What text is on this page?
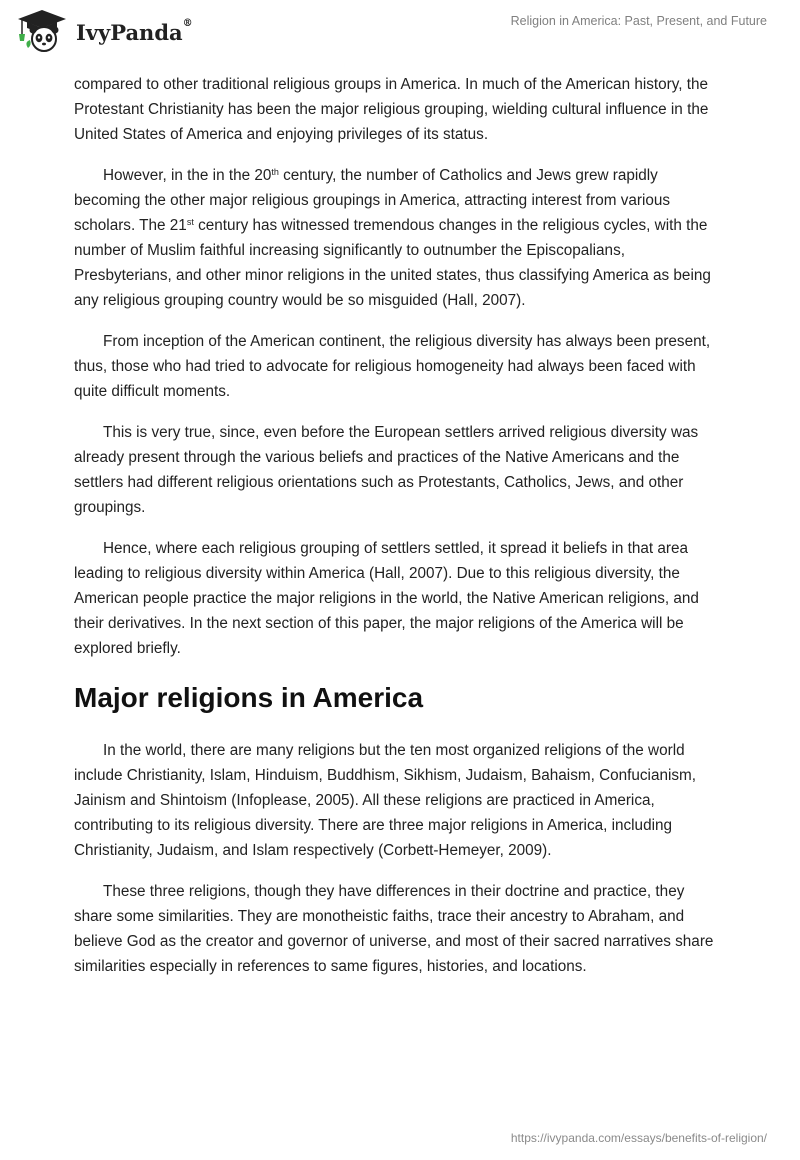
IvyPanda®	Religion in America: Past, Present, and Future

compared to other traditional religious groups in America. In much of the American history, the Protestant Christianity has been the major religious grouping, wielding cultural influence in the United States of America and enjoying privileges of its status.

However, in the in the 20th century, the number of Catholics and Jews grew rapidly becoming the other major religious groupings in America, attracting interest from various scholars. The 21st century has witnessed tremendous changes in the religious cycles, with the number of Muslim faithful increasing significantly to outnumber the Episcopalians, Presbyterians, and other minor religions in the united states, thus classifying America as being any religious grouping country would be so misguided (Hall, 2007).

From inception of the American continent, the religious diversity has always been present, thus, those who had tried to advocate for religious homogeneity had always been faced with quite difficult moments.

This is very true, since, even before the European settlers arrived religious diversity was already present through the various beliefs and practices of the Native Americans and the settlers had different religious orientations such as Protestants, Catholics, Jews, and other groupings.

Hence, where each religious grouping of settlers settled, it spread it beliefs in that area leading to religious diversity within America (Hall, 2007). Due to this religious diversity, the American people practice the major religions in the world, the Native American religions, and their derivatives. In the next section of this paper, the major religions of the America will be explored briefly.

Major religions in America

In the world, there are many religions but the ten most organized religions of the world include Christianity, Islam, Hinduism, Buddhism, Sikhism, Judaism, Bahaism, Confucianism, Jainism and Shintoism (Infoplease, 2005). All these religions are practiced in America, contributing to its religious diversity. There are three major religions in America, including Christianity, Judaism, and Islam respectively (Corbett-Hemeyer, 2009).

These three religions, though they have differences in their doctrine and practice, they share some similarities. They are monotheistic faiths, trace their ancestry to Abraham, and believe God as the creator and governor of universe, and most of their sacred narratives share similarities especially in references to same figures, histories, and locations.

https://ivypanda.com/essays/benefits-of-religion/
